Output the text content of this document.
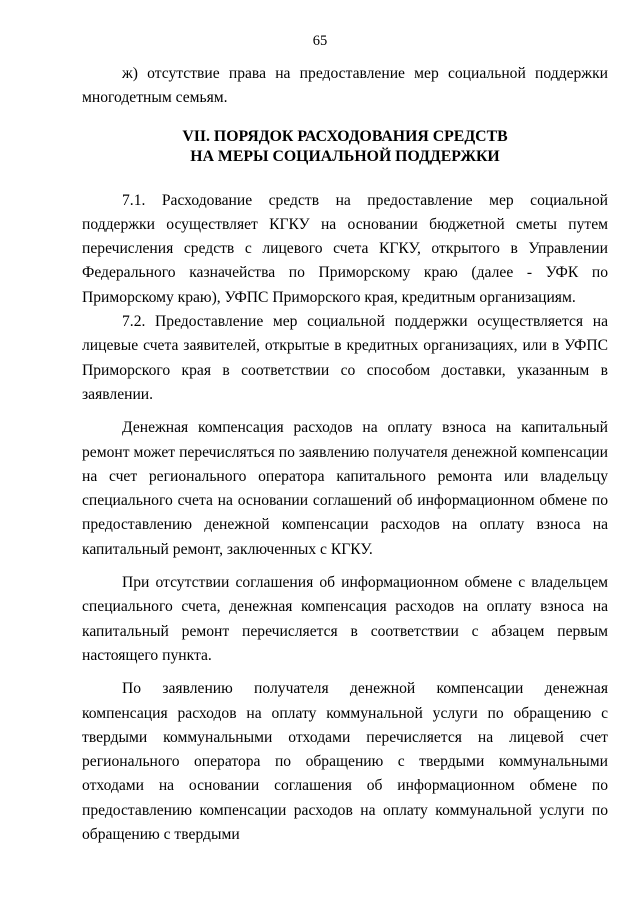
65

ж) отсутствие права на предоставление мер социальной поддержки многодетным семьям.

VII. ПОРЯДОК РАСХОДОВАНИЯ СРЕДСТВ
НА МЕРЫ СОЦИАЛЬНОЙ ПОДДЕРЖКИ

7.1. Расходование средств на предоставление мер социальной поддержки осуществляет КГКУ на основании бюджетной сметы путем перечисления средств с лицевого счета КГКУ, открытого в Управлении Федерального казначейства по Приморскому краю (далее - УФК по Приморскому краю), УФПС Приморского края, кредитным организациям.

7.2. Предоставление мер социальной поддержки осуществляется на лицевые счета заявителей, открытые в кредитных организациях, или в УФПС Приморского края в соответствии со способом доставки, указанным в заявлении.

Денежная компенсация расходов на оплату взноса на капитальный ремонт может перечисляться по заявлению получателя денежной компенсации на счет регионального оператора капитального ремонта или владельцу специального счета на основании соглашений об информационном обмене по предоставлению денежной компенсации расходов на оплату взноса на капитальный ремонт, заключенных с КГКУ.

При отсутствии соглашения об информационном обмене с владельцем специального счета, денежная компенсация расходов на оплату взноса на капитальный ремонт перечисляется в соответствии с абзацем первым настоящего пункта.

По заявлению получателя денежной компенсации денежная компенсация расходов на оплату коммунальной услуги по обращению с твердыми коммунальными отходами перечисляется на лицевой счет регионального оператора по обращению с твердыми коммунальными отходами на основании соглашения об информационном обмене по предоставлению компенсации расходов на оплату коммунальной услуги по обращению с твердыми
